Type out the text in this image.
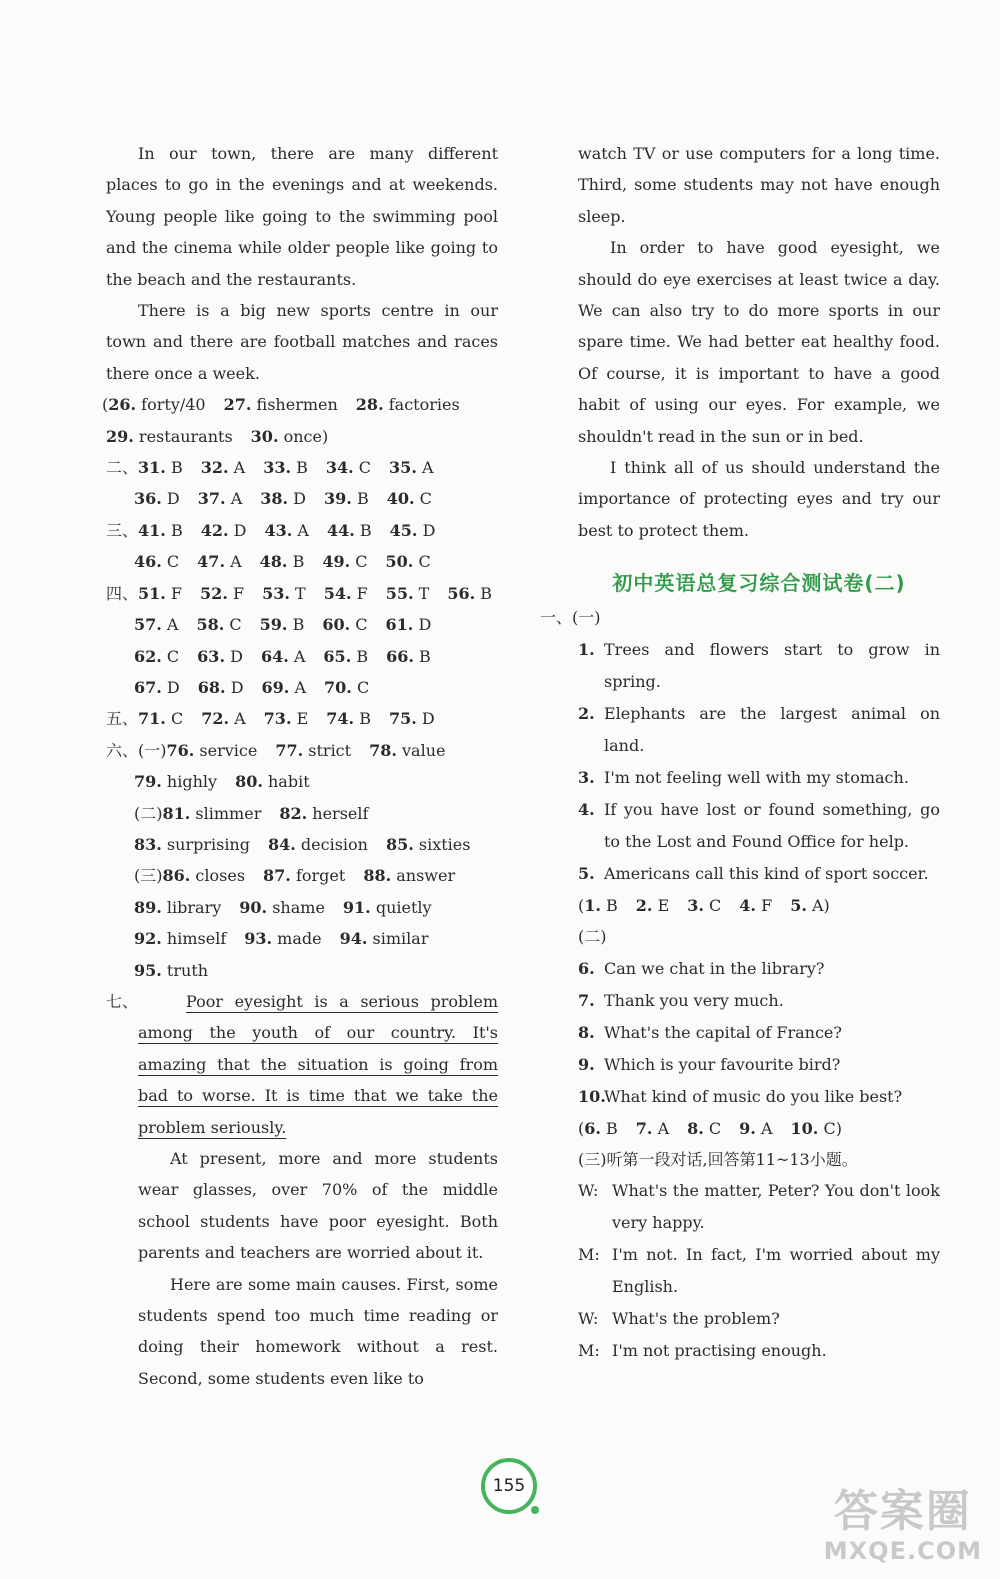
In our town, there are many different places to go in the evenings and at weekends. Young people like going to the swimming pool and the cinema while older people like going to the beach and the restaurants.

There is a big new sports centre in our town and there are football matches and races there once a week.

(26. forty/40 27. fishermen 28. factories

29. restaurants 30. once)

二、31. B 32. A 33. B 34. C 35. A

36. D 37. A 38. D 39. B 40. C

三、41. B 42. D 43. A 44. B 45. D

46. C 47. A 48. B 49. C 50. C

四、51. F 52. F 53. T 54. F 55. T 56. B

57. A 58. C 59. B 60. C 61. D

62. C 63. D 64. A 65. B 66. B

67. D 68. D 69. A 70. C

五、71. C 72. A 73. E 74. B 75. D

六、(一)76. service 77. strict 78. value

79. highly 80. habit

(二)81. slimmer 82. herself

83. surprising 84. decision 85. sixties

(三)86. closes 87. forget 88. answer

89. library 90. shame 91. quietly

92. himself 93. made 94. similar

95. truth

七、	Poor eyesight is a serious problem among the youth of our country. It's amazing that the situation is going from bad to worse. It is time that we take the problem seriously.

At present, more and more students wear glasses, over 70% of the middle school students have poor eyesight. Both parents and teachers are worried about it.

Here are some main causes. First, some students spend too much time reading or doing their homework without a rest. Second, some students even like to

watch TV or use computers for a long time. Third, some students may not have enough sleep.

In order to have good eyesight, we should do eye exercises at least twice a day. We can also try to do more sports in our spare time. We had better eat healthy food. Of course, it is important to have a good habit of using our eyes. For example, we shouldn't read in the sun or in bed.

I think all of us should understand the importance of protecting eyes and try our best to protect them.

初中英语总复习综合测试卷(二)

一、(一)

1. Trees and flowers start to grow in spring.

2. Elephants are the largest animal on land.

3. I'm not feeling well with my stomach.

4. If you have lost or found something, go to the Lost and Found Office for help.

5. Americans call this kind of sport soccer.

(1. B 2. E 3. C 4. F 5. A)

(二)

6. Can we chat in the library?

7. Thank you very much.

8. What's the capital of France?

9. Which is your favourite bird?

10.
What kind of music do you like best?

(6. B 7. A 8. C 9. A 10. C)

(三)听第一段对话,回答第11~13小题。

W: What's the matter, Peter? You don't look very happy.

M: I'm not. In fact, I'm worried about my English.

W: What's the problem?

M: I'm not practising enough.

155	答案圈
MXQE.COM
